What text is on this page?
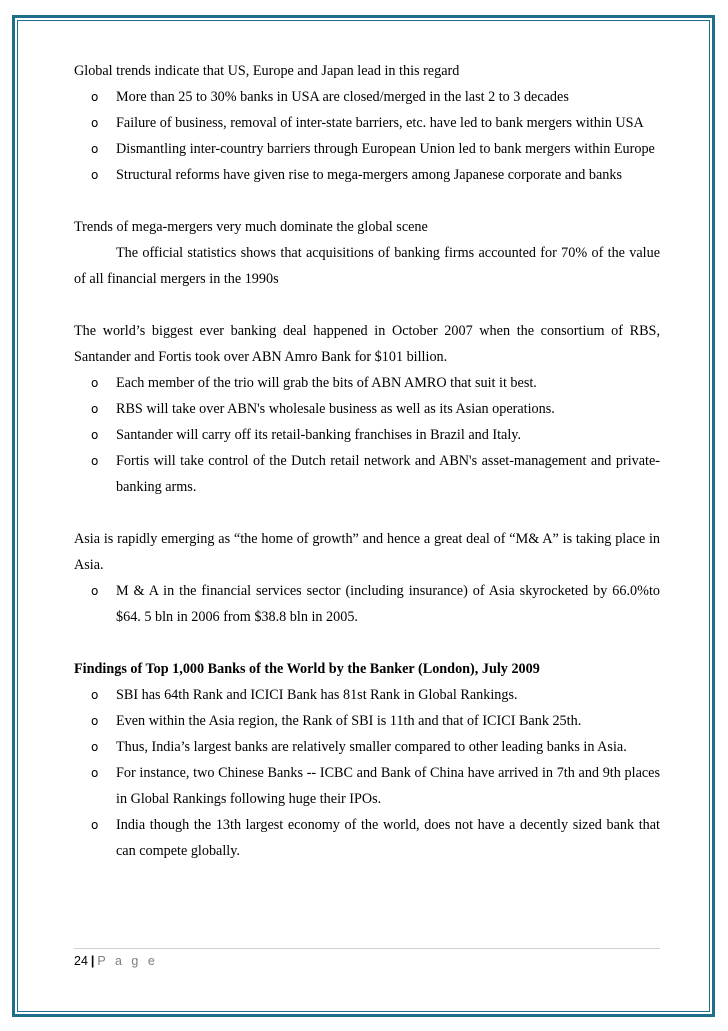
Global trends indicate that US, Europe and Japan lead in this regard

o More than 25 to 30% banks in USA are closed/merged in the last 2 to 3 decades
o Failure of business, removal of inter-state barriers, etc. have led to bank mergers within USA
o Dismantling inter-country barriers through European Union led to bank mergers within Europe
o Structural reforms have given rise to mega-mergers among Japanese corporate and banks

Trends of mega-mergers very much dominate the global scene

The official statistics shows that acquisitions of banking firms accounted for 70% of the value of all financial mergers in the 1990s

The world’s biggest ever banking deal happened in October 2007 when the consortium of RBS, Santander and Fortis took over ABN Amro Bank for $101 billion.

o Each member of the trio will grab the bits of ABN AMRO that suit it best.
o RBS will take over ABN's wholesale business as well as its Asian operations.
o Santander will carry off its retail-banking franchises in Brazil and Italy.
o Fortis will take control of the Dutch retail network and ABN's asset-management and private-banking arms.

Asia is rapidly emerging as “the home of growth” and hence a great deal of “M& A” is taking place in Asia.

o M & A in the financial services sector (including insurance) of Asia skyrocketed by 66.0%to $64. 5 bln in 2006 from $38.8 bln in 2005.

Findings of Top 1,000 Banks of the World by the Banker (London), July 2009

o SBI has 64th Rank and ICICI Bank has 81st Rank in Global Rankings.
o Even within the Asia region, the Rank of SBI is 11th and that of ICICI Bank 25th.
o Thus, India’s largest banks are relatively smaller compared to other leading banks in Asia.
o For instance, two Chinese Banks -- ICBC and Bank of China have arrived in 7th and 9th places in Global Rankings following huge their IPOs.
o India though the 13th largest economy of the world, does not have a decently sized bank that can compete globally.
24 | P a g e
